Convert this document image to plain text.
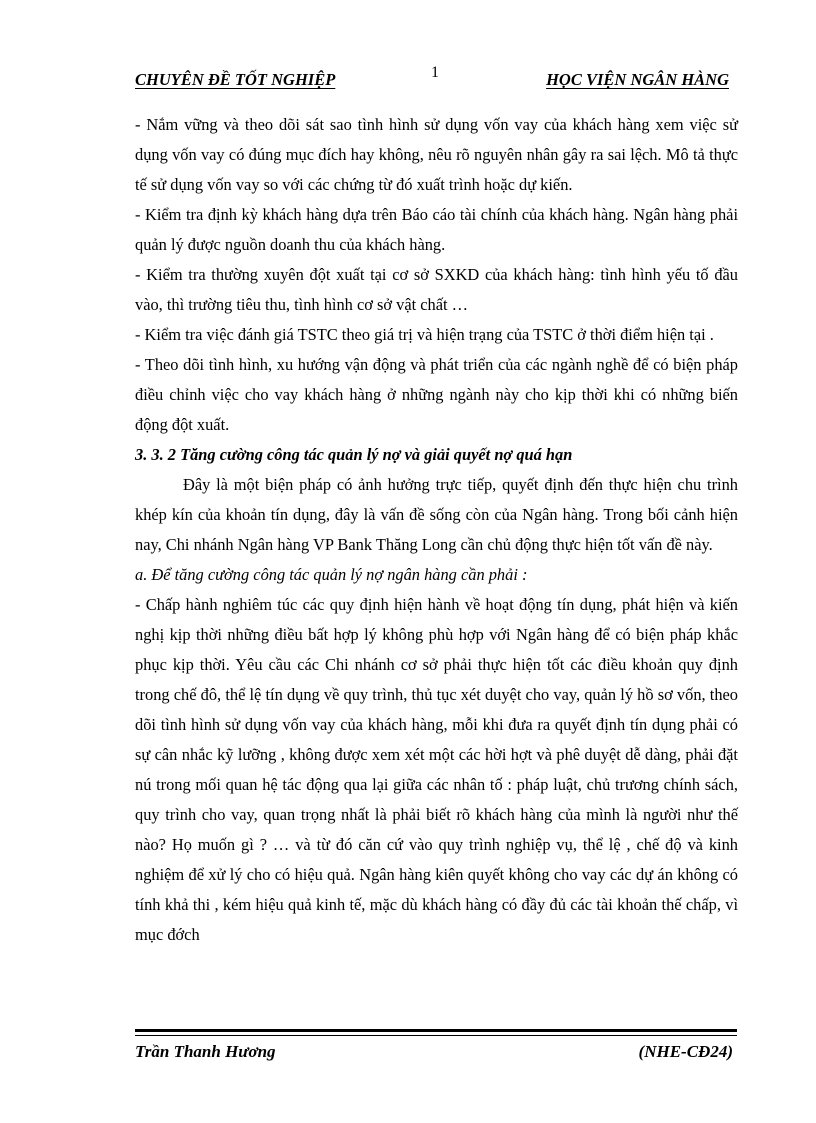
CHUYÊN ĐỀ TỐT NGHIỆP	1	HỌC VIỆN NGÂN HÀNG

- Nắm vững và theo dõi sát sao tình hình sử dụng vốn vay của khách hàng xem việc sử dụng vốn vay có đúng mục đích hay không, nêu rõ nguyên nhân gây ra sai lệch. Mô tả thực tế sử dụng vốn vay so với các chứng từ đó xuất trình hoặc dự kiến.

- Kiểm tra định kỳ khách hàng dựa trên Báo cáo tài chính của khách hàng. Ngân hàng phải quản lý được nguồn doanh thu của khách hàng.

- Kiểm tra thường xuyên đột xuất tại cơ sở SXKD của khách hàng: tình hình yếu tố đầu vào, thì trường tiêu thu, tình hình cơ sở vật chất …

- Kiểm tra việc đánh giá TSTC theo giá trị và hiện trạng của TSTC ở thời điểm hiện tại .

- Theo dõi tình hình, xu hướng vận động và phát triển của các ngành nghề để có biện pháp điều chỉnh việc cho vay khách hàng ở những ngành này cho kịp thời khi có những biến động đột xuất.

3. 3. 2 Tăng cường công tác quản lý nợ và giải quyết nợ quá hạn

Đây là một biện pháp có ảnh hưởng trực tiếp, quyết định đến thực hiện chu trình khép kín của khoản tín dụng, đây là vấn đề sống còn của Ngân hàng. Trong bối cảnh hiện nay, Chi nhánh Ngân hàng VP Bank Thăng Long cần chủ động thực hiện tốt vấn đề này.

a. Để tăng cường công tác quản lý nợ ngân hàng cần phải :

- Chấp hành nghiêm túc các quy định hiện hành về hoạt động tín dụng, phát hiện và kiến nghị kịp thời những điều bất hợp lý không phù hợp với Ngân hàng để có biện pháp khắc phục kịp thời. Yêu cầu các Chi nhánh cơ sở phải thực hiện tốt các điều khoản quy định trong chế đô, thể lệ tín dụng về quy trình, thủ tục xét duyệt cho vay, quản lý hồ sơ vốn, theo dõi tình hình sử dụng vốn vay của khách hàng, mỗi khi đưa ra quyết định tín dụng phải có sự cân nhắc kỹ lưỡng , không được xem xét một các hời hợt và phê duyệt dễ dàng, phải đặt nú trong mối quan hệ tác động qua lại giữa các nhân tố : pháp luật, chủ trương chính sách, quy trình cho vay, quan trọng nhất là phải biết rõ khách hàng của mình là người như thế nào? Họ muốn gì ? … và từ đó căn cứ vào quy trình nghiệp vụ, thể lệ , chế độ và kinh nghiệm để xử lý cho có hiệu quả. Ngân hàng kiên quyết không cho vay các dự án không có tính khả thi , kém hiệu quả kinh tế, mặc dù khách hàng có đầy đủ các tài khoản thế chấp, vì mục đớch

Trần Thanh Hương	(NHE-CĐ24)
